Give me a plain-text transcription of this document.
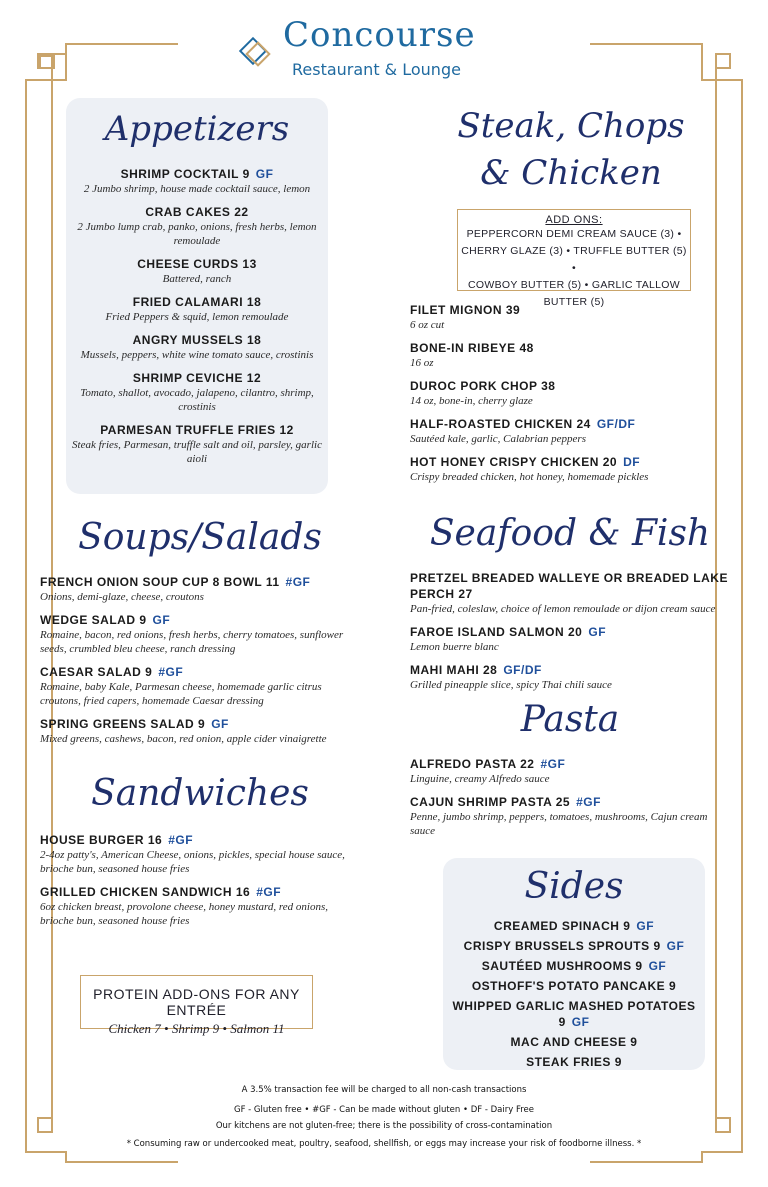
Concourse
Restaurant & Lounge
Appetizers
SHRIMP COCKTAIL 9 GF
2 Jumbo shrimp, house made cocktail sauce, lemon
CRAB CAKES 22
2 Jumbo lump crab, panko, onions, fresh herbs, lemon remoulade
CHEESE CURDS 13
Battered, ranch
FRIED CALAMARI 18
Fried Peppers & squid, lemon remoulade
ANGRY MUSSELS 18
Mussels, peppers, white wine tomato sauce, crostinis
SHRIMP CEVICHE 12
Tomato, shallot, avocado, jalapeno, cilantro, shrimp, crostinis
PARMESAN TRUFFLE FRIES 12
Steak fries, Parmesan, truffle salt and oil, parsley, garlic aioli
Steak, Chops
& Chicken
ADD ONS:
PEPPERCORN DEMI CREAM SAUCE (3) •
CHERRY GLAZE (3) • TRUFFLE BUTTER (5) •
COWBOY BUTTER (5) • GARLIC TALLOW BUTTER (5)
FILET MIGNON 39
6 oz cut
BONE-IN RIBEYE 48
16 oz
DUROC PORK CHOP 38
14 oz, bone-in, cherry glaze
HALF-ROASTED CHICKEN 24 GF/DF
Sautéed kale, garlic, Calabrian peppers
HOT HONEY CRISPY CHICKEN 20 DF
Crispy breaded chicken, hot honey, homemade pickles
Soups/Salads
FRENCH ONION SOUP CUP 8 BOWL 11 #GF
Onions, demi-glaze, cheese, croutons
WEDGE SALAD 9 GF
Romaine, bacon, red onions, fresh herbs, cherry tomatoes, sunflower seeds, crumbled bleu cheese, ranch dressing
CAESAR SALAD 9 #GF
Romaine, baby Kale, Parmesan cheese, homemade garlic citrus croutons, fried capers, homemade Caesar dressing
SPRING GREENS SALAD 9 GF
Mixed greens, cashews, bacon, red onion, apple cider vinaigrette
Seafood & Fish
PRETZEL BREADED WALLEYE OR BREADED LAKE PERCH 27
Pan-fried, coleslaw, choice of lemon remoulade or dijon cream sauce
FAROE ISLAND SALMON 20 GF
Lemon buerre blanc
MAHI MAHI 28 GF/DF
Grilled pineapple slice, spicy Thai chili sauce
Pasta
ALFREDO PASTA 22 #GF
Linguine, creamy Alfredo sauce
CAJUN SHRIMP PASTA 25 #GF
Penne, jumbo shrimp, peppers, tomatoes, mushrooms, Cajun cream sauce
Sandwiches
HOUSE BURGER 16 #GF
2-4oz patty's, American Cheese, onions, pickles, special house sauce, brioche bun, seasoned house fries
GRILLED CHICKEN SANDWICH 16 #GF
6oz chicken breast, provolone cheese, honey mustard, red onions, brioche bun, seasoned house fries
Sides
CREAMED SPINACH 9 GF
CRISPY BRUSSELS SPROUTS 9 GF
SAUTÉED MUSHROOMS 9 GF
OSTHOFF'S POTATO PANCAKE 9
WHIPPED GARLIC MASHED POTATOES 9 GF
MAC AND CHEESE 9
STEAK FRIES 9
PROTEIN ADD-ONS FOR ANY ENTRÉE
Chicken 7 • Shrimp 9 • Salmon 11
A 3.5% transaction fee will be charged to all non-cash transactions
GF - Gluten free • #GF - Can be made without gluten • DF - Dairy Free
Our kitchens are not gluten-free; there is the possibility of cross-contamination
* Consuming raw or undercooked meat, poultry, seafood, shellfish, or eggs may increase your risk of foodborne illness. *
